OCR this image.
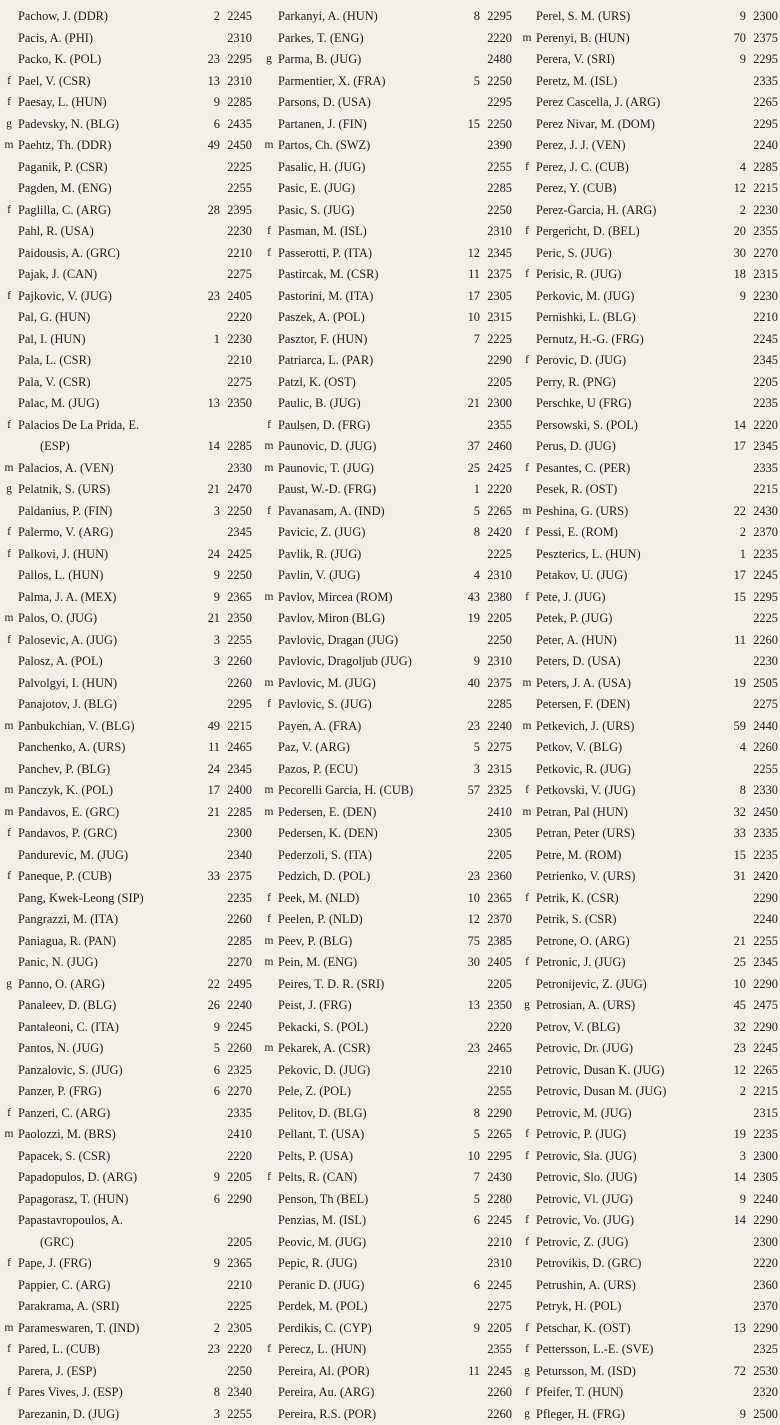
Pachow, J. (DDR)	2 2245
Pacis, A. (PHI)	2310
Packo, K. (POL)	23 2295
f Pael, V. (CSR)	13 2310
f Paesay, L. (HUN)	9 2285
g Padevsky, N. (BLG)	6 2435
m Paehtz, Th. (DDR)	49 2450
Paganik, P. (CSR)	2225
Pagden, M. (ENG)	2255
f Paglilla, C. (ARG)	28 2395
Pahl, R. (USA)	2230
Paidousis, A. (GRC)	2210
Pajak, J. (CAN)	2275
f Pajkovic, V. (JUG)	23 2405
Pal, G. (HUN)	2220
Pal, I. (HUN)	1 2230
Pala, L. (CSR)	2210
Pala, V. (CSR)	2275
Palac, M. (JUG)	13 2350
f Palacios De La Prida, E.
(ESP)	14 2285
m Palacios, A. (VEN)	2330
g Pelatnik, S. (URS)	21 2470
Paldanius, P. (FIN)	3 2250
f Palermo, V. (ARG)	2345
f Palkovi, J. (HUN)	24 2425
Pallos, L. (HUN)	9 2250
Palma, J. A. (MEX)	9 2365
m Palos, O. (JUG)	21 2350
f Palosevic, A. (JUG)	3 2255
Palosz, A. (POL)	3 2260
Palvolgyi, I. (HUN)	2260
Panajotov, J. (BLG)	2295
m Panbukchian, V. (BLG)	49 2215
Panchenko, A. (URS)	11 2465
Panchev, P. (BLG)	24 2345
m Panczyk, K. (POL)	17 2400
m Pandavos, E. (GRC)	21 2285
f Pandavos, P. (GRC)	2300
Pandurevic, M. (JUG)	2340
f Paneque, P. (CUB)	33 2375
Pang, Kwek-Leong (SIP)	2235
Pangrazzi, M. (ITA)	2260
Paniagua, R. (PAN)	2285
Panic, N. (JUG)	2270
g Panno, O. (ARG)	22 2495
Panaleev, D. (BLG)	26 2240
Pantaleoni, C. (ITA)	9 2245
Pantos, N. (JUG)	5 2260
Panzalovic, S. (JUG)	6 2325
Panzer, P. (FRG)	6 2270
f Panzeri, C. (ARG)	2335
m Paolozzi, M. (BRS)	2410
Papacek, S. (CSR)	2220
Papadopulos, D. (ARG)	9 2205
Papagorasz, T. (HUN)	6 2290
Papastavropoulos, A.
(GRC)	2205
f Pape, J. (FRG)	9 2365
Pappier, C. (ARG)	2210
Parakrama, A. (SRI)	2225
m Parameswaren, T. (IND)	2 2305
f Pared, L. (CUB)	23 2220
Parera, J. (ESP)	2250
f Pares Vives, J. (ESP)	8 2340
Parezanin, D. (JUG)	3 2255
Parkanyi, A. (HUN)	8 2295
Parkes, T. (ENG)	2220
g Parma, B. (JUG)	2480
Parmentier, X. (FRA)	5 2250
Parsons, D. (USA)	2295
Partanen, J. (FIN)	15 2250
m Partos, Ch. (SWZ)	2390
Pasalic, H. (JUG)	2255
Pasic, E. (JUG)	2285
Pasic, S. (JUG)	2250
f Pasman, M. (ISL)	2310
f Passerotti, P. (ITA)	12 2345
Pastircak, M. (CSR)	11 2375
Pastorini, M. (ITA)	17 2305
Paszek, A. (POL)	10 2315
Pasztor, F. (HUN)	7 2225
Patriarca, L. (PAR)	2290
Patzl, K. (OST)	2205
Paulic, B. (JUG)	21 2300
f Paulsen, D. (FRG)	2355
m Paunovic, D. (JUG)	37 2460
m Paunovic, T. (JUG)	25 2425
Paust, W.-D. (FRG)	1 2220
f Pavanasam, A. (IND)	5 2265
Pavicic, Z. (JUG)	8 2420
Pavlik, R. (JUG)	2225
Pavlin, V. (JUG)	4 2310
m Pavlov, Mircea (ROM)	43 2380
Pavlov, Miron (BLG)	19 2205
Pavlovic, Dragan (JUG)	2250
Pavlovic, Dragoljub (JUG)	9 2310
m Pavlovic, M. (JUG)	40 2375
f Pavlovic, S. (JUG)	2285
Payen, A. (FRA)	23 2240
Paz, V. (ARG)	5 2275
Pazos, P. (ECU)	3 2315
m Pecorelli Garcia, H. (CUB)	57 2325
m Pedersen, E. (DEN)	2410
Pedersen, K. (DEN)	2305
Pederzoli, S. (ITA)	2205
Pedzich, D. (POL)	23 2360
f Peek, M. (NLD)	10 2365
f Peelen, P. (NLD)	12 2370
m Peev, P. (BLG)	75 2385
m Pein, M. (ENG)	30 2405
Peires, T. D. R. (SRI)	2205
Peist, J. (FRG)	13 2350
Pekacki, S. (POL)	2220
m Pekarek, A. (CSR)	23 2465
Pekovic, D. (JUG)	2210
Pele, Z. (POL)	2255
Pelitov, D. (BLG)	8 2290
Pellant, T. (USA)	5 2265
Pelts, P. (USA)	10 2295
f Pelts, R. (CAN)	7 2430
Penson, Th (BEL)	5 2280
Penzias, M. (ISL)	6 2245
Peovic, M. (JUG)	2210
Pepic, R. (JUG)	2310
Peranic D. (JUG)	6 2245
Perdek, M. (POL)	2275
Perdikis, C. (CYP)	9 2205
f Perecz, L. (HUN)	2355
Pereira, Al. (POR)	11 2245
Pereira, Au. (ARG)	2260
Pereira, R.S. (POR)	2260
Perel, S. M. (URS)	9 2300
m Perenyi, B. (HUN)	70 2375
Perera, V. (SRI)	9 2295
Peretz, M. (ISL)	2335
Perez Cascella, J. (ARG)	2265
Perez Nivar, M. (DOM)	2295
Perez, J. J. (VEN)	2240
f Perez, J. C. (CUB)	4 2285
Perez, Y. (CUB)	12 2215
Perez-Garcia, H. (ARG)	2 2230
f Pergericht, D. (BEL)	20 2355
Peric, S. (JUG)	30 2270
f Perisic, R. (JUG)	18 2315
Perkovic, M. (JUG)	9 2230
Pernishki, L. (BLG)	2210
Pernutz, H.-G. (FRG)	2245
f Perovic, D. (JUG)	2345
Perry, R. (PNG)	2205
Perschke, U (FRG)	2235
Persowski, S. (POL)	14 2220
Perus, D. (JUG)	17 2345
f Pesantes, C. (PER)	2335
Pesek, R. (OST)	2215
m Peshina, G. (URS)	22 2430
f Pessi, E. (ROM)	2 2370
Peszterics, L. (HUN)	1 2235
Petakov, U. (JUG)	17 2245
f Pete, J. (JUG)	15 2295
Petek, P. (JUG)	2225
Peter, A. (HUN)	11 2260
Peters, D. (USA)	2230
m Peters, J. A. (USA)	19 2505
Petersen, F. (DEN)	2275
m Petkevich, J. (URS)	59 2440
Petkov, V. (BLG)	4 2260
Petkovic, R. (JUG)	2255
f Petkovski, V. (JUG)	8 2330
m Petran, Pal (HUN)	32 2450
Petran, Peter (URS)	33 2335
Petre, M. (ROM)	15 2235
Petrienko, V. (URS)	31 2420
f Petrik, K. (CSR)	2290
Petrik, S. (CSR)	2240
Petrone, O. (ARG)	21 2255
f Petronic, J. (JUG)	25 2345
Petronijevic, Z. (JUG)	10 2290
g Petrosian, A. (URS)	45 2475
Petrov, V. (BLG)	32 2290
Petrovic, Dr. (JUG)	23 2245
Petrovic, Dusan K. (JUG)	12 2265
Petrovic, Dusan M. (JUG)	2 2215
Petrovic, M. (JUG)	2315
f Petrovic, P. (JUG)	19 2235
f Petrovic, Sla. (JUG)	3 2300
Petrovic, Slo. (JUG)	14 2305
Petrovic, Vl. (JUG)	9 2240
f Petrovic, Vo. (JUG)	14 2290
f Petrovic, Z. (JUG)	2300
Petrovikis, D. (GRC)	2220
Petrushin, A. (URS)	2360
Petryk, H. (POL)	2370
f Petschar, K. (OST)	13 2290
f Pettersson, L.-E. (SVE)	2325
g Petursson, M. (ISD)	72 2530
f Pfeifer, T. (HUN)	2320
g Pfleger, H. (FRG)	9 2500
